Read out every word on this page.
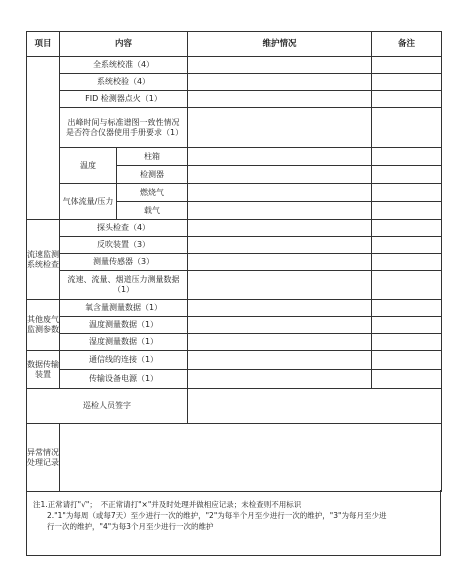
项目	内容		维护情况	备注
	全系统校准（4）			
	系统校验（4）			
	FID 检测器点火（1）			
	出峰时间与标准谱图一致性情况是否符合仪器使用手册要求（1）			
	温度	柱箱		
		检测器		
	气体流量/压力	燃烧气		
		载气		
流速监测系统检查	探头检查（4）			
	反吹装置（3）			
	测量传感器（3）			
	流速、流量、烟道压力测量数据（1）			
其他废气监测参数	氧含量测量数据（1）			
	温度测量数据（1）			
	湿度测量数据（1）			
数据传输装置	通信线的连接（1）			
	传输设备电源（1）			
巡检人员签字				
异常情况处理记录				
注1.正常请打"√"；　不正常请打"×"并及时处理并做相应记录；未检查则不用标识
2."1"为每周（或每7天）至少进行一次的维护，"2"为每半个月至少进行一次的维护，"3"为每月至少进
行一次的维护，"4"为每3个月至少进行一次的维护
